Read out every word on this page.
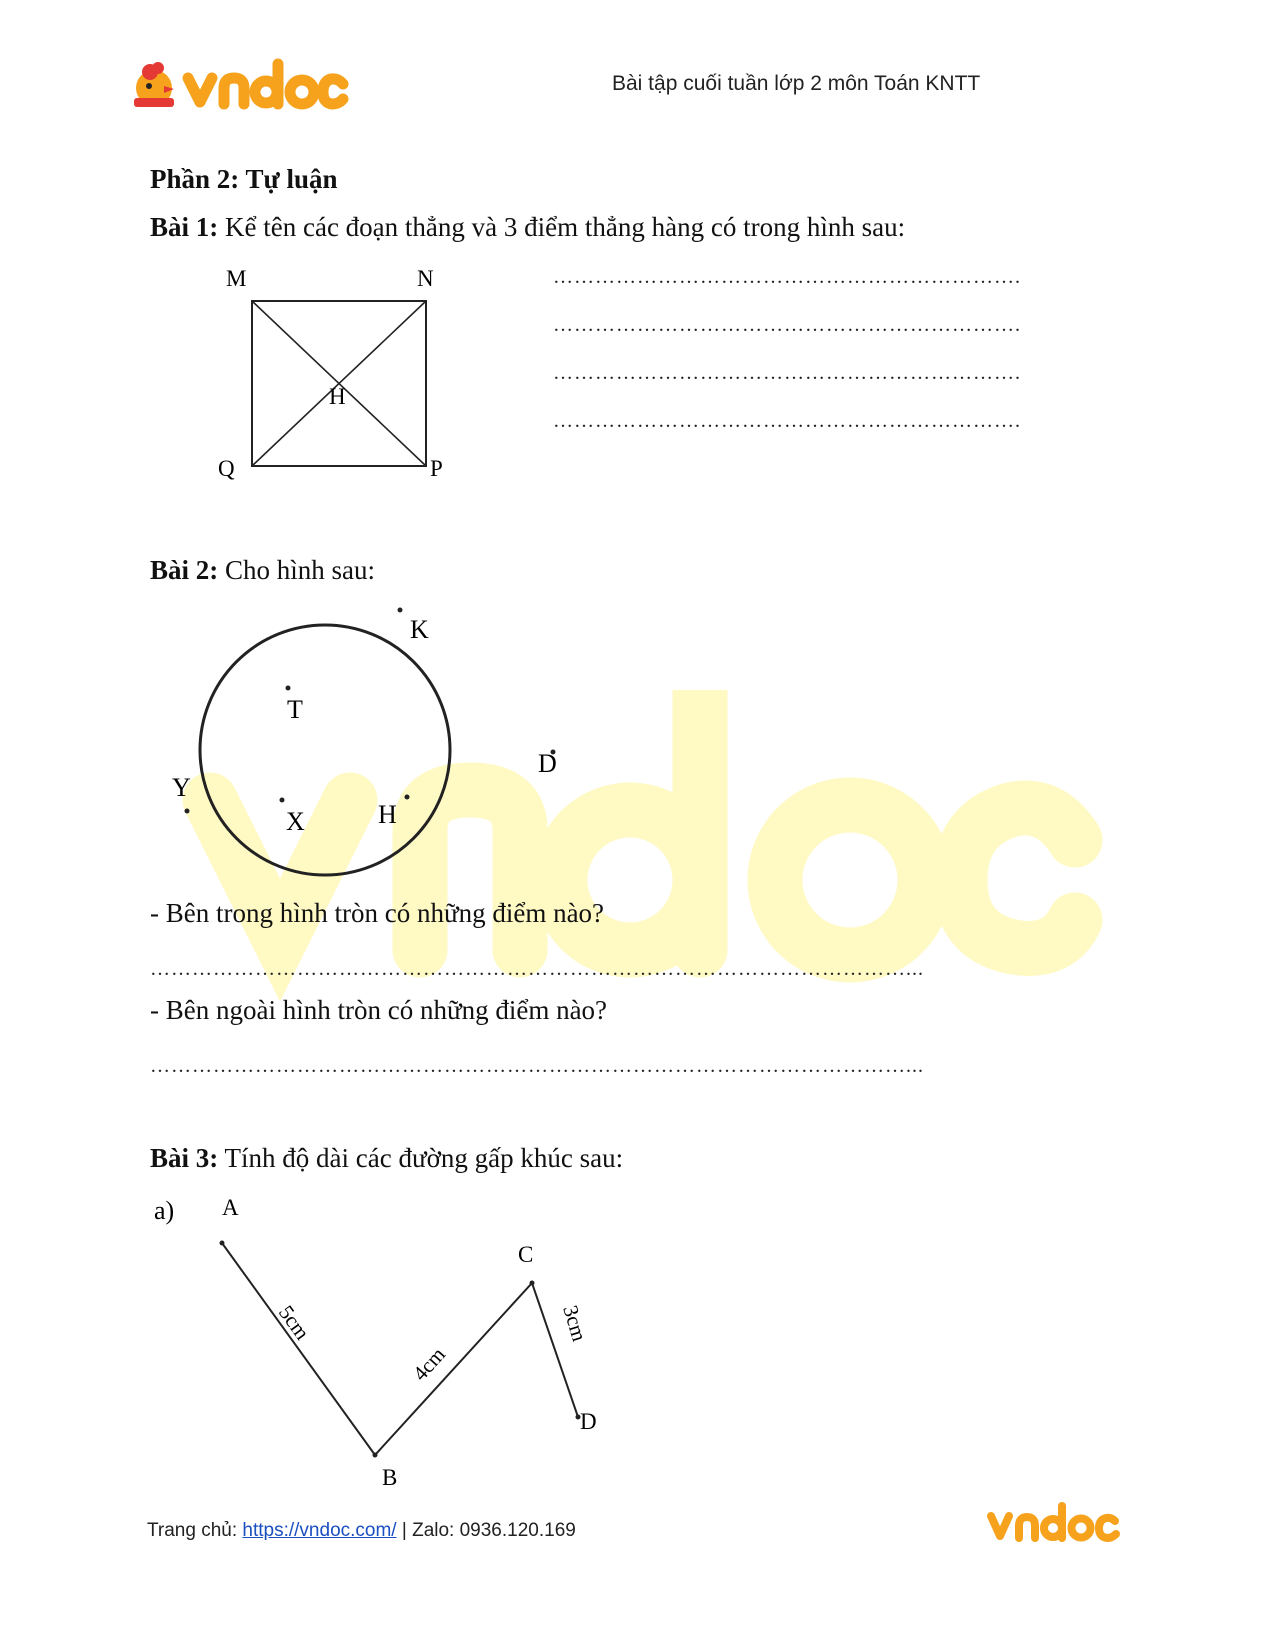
Bài tập cuối tuần lớp 2 môn Toán KNTT
Phần 2: Tự luận
Bài 1: Kể tên các đoạn thẳng và 3 điểm thẳng hàng có trong hình sau:
M	N
H
Q	P
………………………………………………………….
………………………………………………………….
………………………………………………………….
………………………………………………………….
Bài 2: Cho hình sau:
K
T
D
Y
X	H
- Bên trong hình tròn có những điểm nào?
………………………………………………………………………………………………...
- Bên ngoài hình tròn có những điểm nào?
………………………………………………………………………………………………...
Bài 3: Tính độ dài các đường gấp khúc sau:
a) A
B
C
D
5cm
4cm
3cm
Trang chủ: https://vndoc.com/ | Zalo: 0936.120.169
